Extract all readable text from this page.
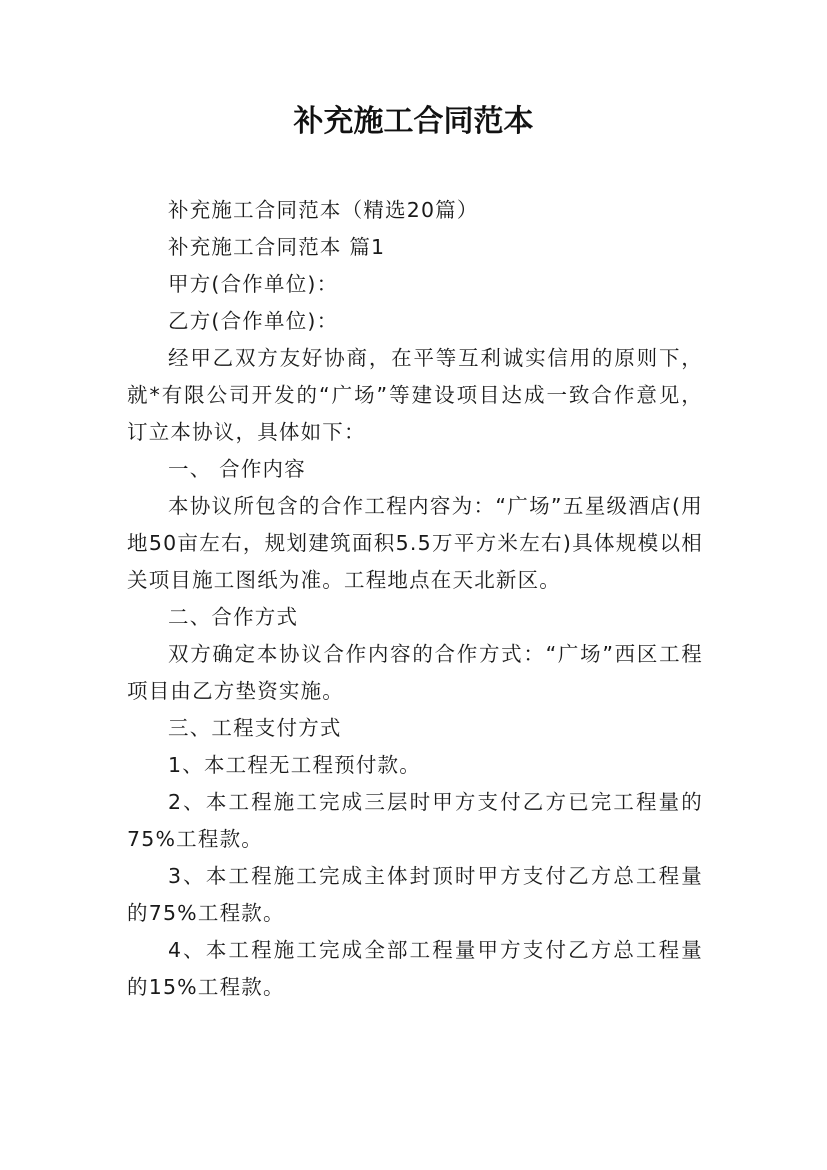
补充施工合同范本

补充施工合同范本（精选20篇）

补充施工合同范本 篇1

甲方(合作单位)：

乙方(合作单位)：

经甲乙双方友好协商，在平等互利诚实信用的原则下，就*有限公司开发的“广场”等建设项目达成一致合作意见，订立本协议，具体如下：

一、 合作内容

本协议所包含的合作工程内容为：“广场”五星级酒店(用地50亩左右，规划建筑面积5.5万平方米左右)具体规模以相关项目施工图纸为准。工程地点在天北新区。

二、合作方式

双方确定本协议合作内容的合作方式：“广场”西区工程项目由乙方垫资实施。

三、工程支付方式

1、本工程无工程预付款。

2、本工程施工完成三层时甲方支付乙方已完工程量的75%工程款。

3、本工程施工完成主体封顶时甲方支付乙方总工程量的75%工程款。

4、本工程施工完成全部工程量甲方支付乙方总工程量的15%工程款。
